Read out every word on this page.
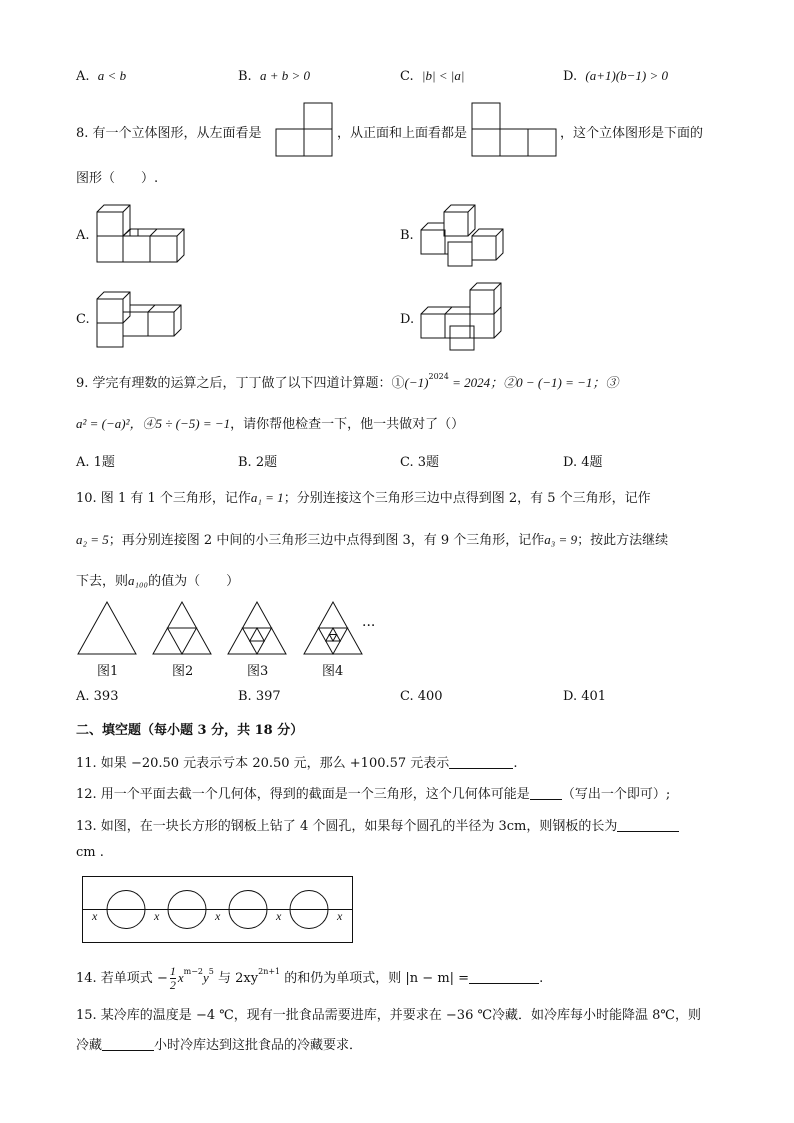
A. a < b	B. a + b > 0	C. |b| < |a|	D. (a+1)(b−1) > 0
8. 有一个立体图形，从左面看是	，从正面和上面看都是	，这个立体图形是下面的
图形（　　）.
A.	B.
C.	D.
9. 学完有理数的运算之后，丁丁做了以下四道计算题：$①(-1)^{2024} = 2024$；②0 − (−1) = −1；③
a² = (−a)²，④5 ÷ (−5) = −1，请你帮他检查一下，他一共做对了（）
A. 1题	B. 2题	C. 3题	D. 4题
10. 图 1 有 1 个三角形，记作a₁ = 1；分别连接这个三角形三边中点得到图 2，有 5 个三角形，记作
a₂ = 5；再分别连接图 2 中间的小三角形三边中点得到图 3，有 9 个三角形，记作a₃ = 9；按此方法继续
下去，则a₁₀₀的值为（　　）
···
图1	图2	图3	图4
A. 393	B. 397	C. 400	D. 401
二、填空题（每小题 3 分，共 18 分）
11. 如果 −20.50 元表示亏本 20.50 元，那么 +100.57 元表示	.
12. 用一个平面去截一个几何体，得到的截面是一个三角形，这个几何体可能是 （写出一个即可）;
13. 如图，在一块长方形的钢板上钻了 4 个圆孔，如果每个圆孔的半径为 3cm，则钢板的长为
cm .
x	x	x	x	x
14. 若单项式 − $\frac{1}{2} x^{m-2}y^5$ 与 $2xy^{2n+1}$ 的和仍为单项式，则 |n − m| =	.
15. 某冷库的温度是 −4 ℃，现有一批食品需要进库，并要求在 −36 ℃冷藏．如冷库每小时能降温 8℃，则
冷藏	小时冷库达到这批食品的冷藏要求．
